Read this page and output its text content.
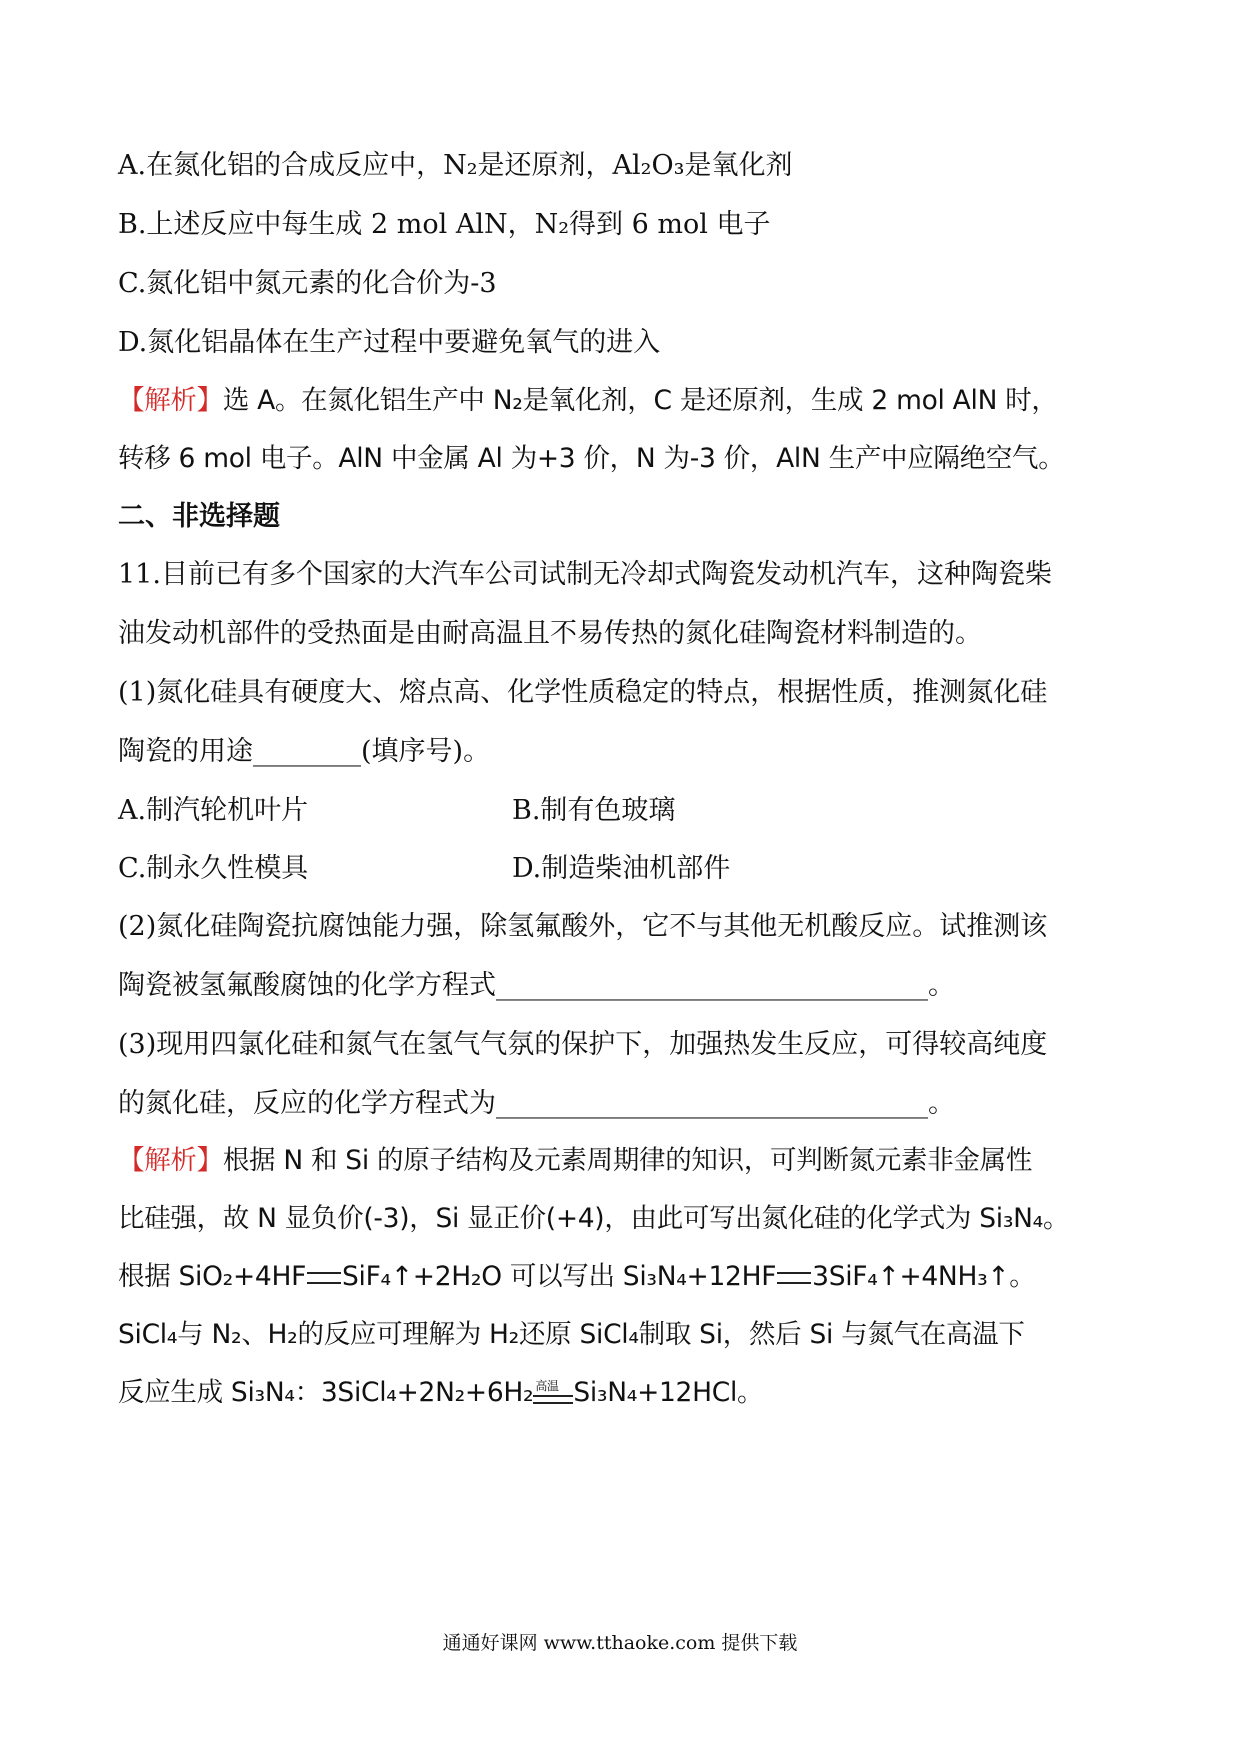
A.在氮化铝的合成反应中，N₂是还原剂，Al₂O₃是氧化剂
B.上述反应中每生成 2 mol AlN，N₂得到 6 mol 电子
C.氮化铝中氮元素的化合价为-3
D.氮化铝晶体在生产过程中要避免氧气的进入
【解析】选 A。在氮化铝生产中 N₂是氧化剂，C 是还原剂，生成 2 mol AlN 时，
转移 6 mol 电子。AlN 中金属 Al 为+3 价，N 为-3 价，AlN 生产中应隔绝空气。
二、非选择题
11.目前已有多个国家的大汽车公司试制无冷却式陶瓷发动机汽车，这种陶瓷柴
油发动机部件的受热面是由耐高温且不易传热的氮化硅陶瓷材料制造的。
(1)氮化硅具有硬度大、熔点高、化学性质稳定的特点，根据性质，推测氮化硅
陶瓷的用途________(填序号)。
A.制汽轮机叶片	B.制有色玻璃
C.制永久性模具	D.制造柴油机部件
(2)氮化硅陶瓷抗腐蚀能力强，除氢氟酸外，它不与其他无机酸反应。试推测该
陶瓷被氢氟酸腐蚀的化学方程式________________________________。
(3)现用四氯化硅和氮气在氢气气氛的保护下，加强热发生反应，可得较高纯度
的氮化硅，反应的化学方程式为________________________________。
【解析】根据 N 和 Si 的原子结构及元素周期律的知识，可判断氮元素非金属性
比硅强，故 N 显负价(-3)，Si 显正价(+4)，由此可写出氮化硅的化学式为 Si₃N₄。
根据 SiO₂+4HF SiF₄↑+2H₂O 可以写出 Si₃N₄+12HF 3SiF₄↑+4NH₃↑。
SiCl₄与 N₂、H₂的反应可理解为 H₂还原 SiCl₄制取 Si，然后 Si 与氮气在高温下
反应生成 Si₃N₄：3SiCl₄+2N₂+6H₂ 高温 Si₃N₄+12HCl。
通通好课网 www.tthaoke.com 提供下载
